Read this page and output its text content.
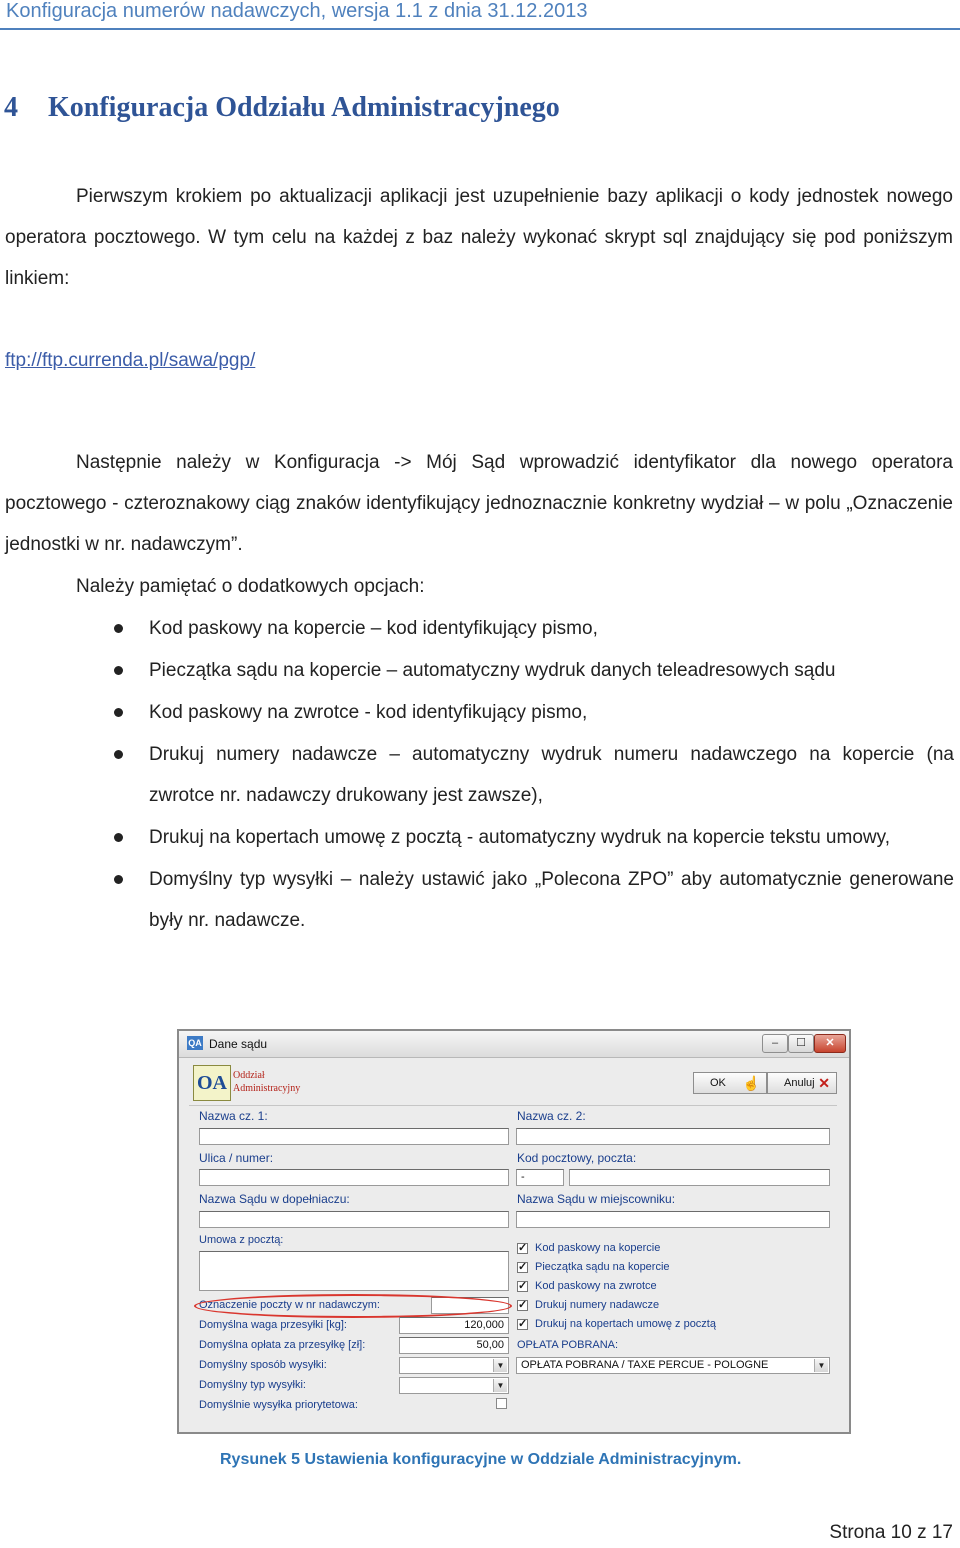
Konfiguracja numerów nadawczych, wersja 1.1 z dnia 31.12.2013
4 Konfiguracja Oddziału Administracyjnego
Pierwszym krokiem po aktualizacji aplikacji jest uzupełnienie bazy aplikacji o kody jednostek nowego operatora pocztowego. W tym celu na każdej z baz należy wykonać skrypt sql znajdujący się pod poniższym linkiem:
ftp://ftp.currenda.pl/sawa/pgp/
Następnie należy w Konfiguracja -> Mój Sąd wprowadzić identyfikator dla nowego operatora pocztowego - czteroznakowy ciąg znaków identyfikujący jednoznacznie konkretny wydział – w polu „Oznaczenie jednostki w nr. nadawczym”.
Należy pamiętać o dodatkowych opcjach:
Kod paskowy na kopercie – kod identyfikujący pismo,
Pieczątka sądu na kopercie – automatyczny wydruk danych teleadresowych sądu
Kod paskowy na zwrotce - kod identyfikujący pismo,
Drukuj numery nadawcze – automatyczny wydruk numeru nadawczego na kopercie (na zwrotce nr. nadawczy drukowany jest zawsze),
Drukuj na kopertach umowę z pocztą - automatyczny wydruk na kopercie tekstu umowy,
Domyślny typ wysyłki – należy ustawić jako „Polecona ZPO” aby automatycznie generowane były nr. nadawcze.
QA Dane sądu	–	☐	✕
OA Oddział
Administracyjny	OK ☝ Anuluj ✕
Nazwa cz. 1:	Nazwa cz. 2:
Ulica / numer:	Kod pocztowy, poczta:
-
Nazwa Sądu w dopełniaczu:	Nazwa Sądu w miejscowniku:
Umowa z pocztą:
✓ Kod paskowy na kopercie
✓ Pieczątka sądu na kopercie
✓ Kod paskowy na zwrotce
✓ Drukuj numery nadawcze
✓ Drukuj na kopertach umowę z pocztą
Oznaczenie poczty w nr nadawczym:
Domyślna waga przesyłki [kg]:	120,000
Domyślna opłata za przesyłkę [zł]:	50,00	OPŁATA POBRANA:
Domyślny sposób wysyłki:	▼	OPŁATA POBRANA / TAXE PERCUE - POLOGNE	▼
Domyślny typ wysyłki:	▼
Domyślnie wysyłka priorytetowa:
Rysunek 5 Ustawienia konfiguracyjne w Oddziale Administracyjnym.
Strona 10 z 17
